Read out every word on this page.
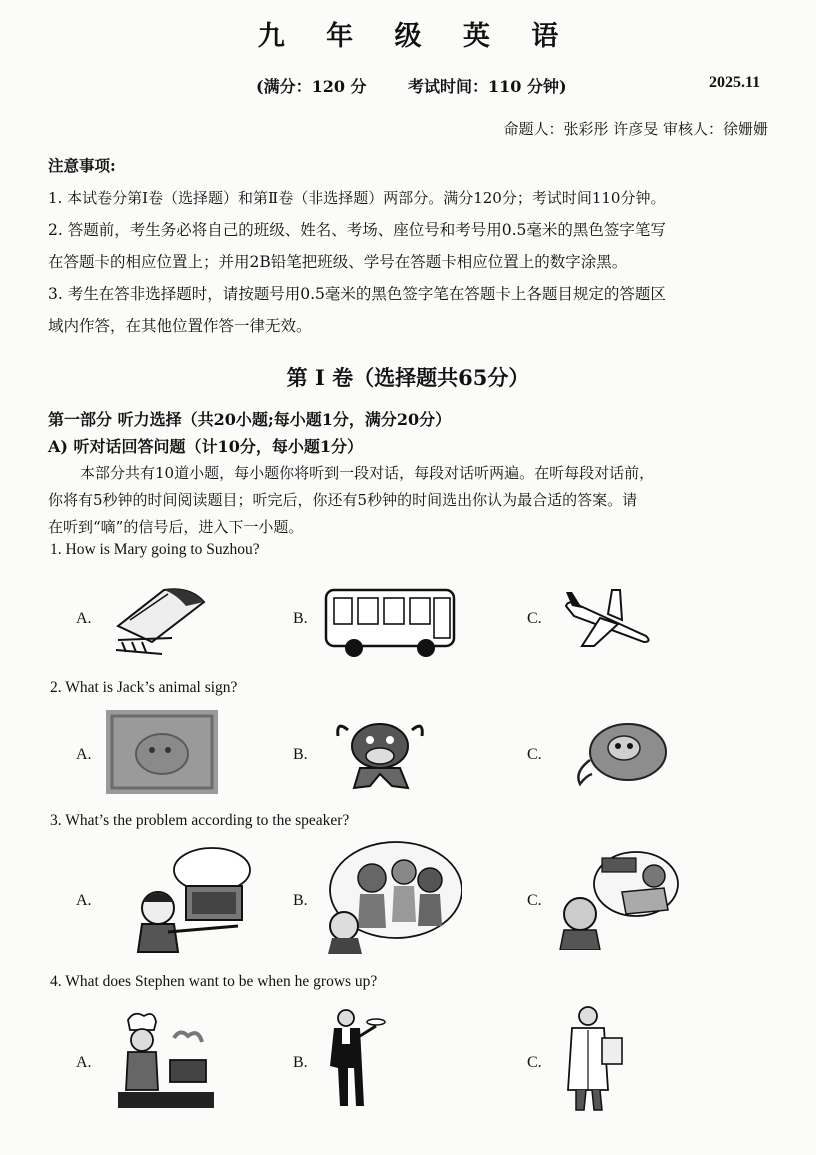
九 年 级 英 语
(满分：120 分	考试时间：110 分钟)	2025.11
命题人：张彩彤 许彦旻 审核人：徐姗姗
注意事项:
1. 本试卷分第Ⅰ卷（选择题）和第Ⅱ卷（非选择题）两部分。满分120分；考试时间110分钟。
2. 答题前，考生务必将自己的班级、姓名、考场、座位号和考号用0.5毫米的黑色签字笔写
在答题卡的相应位置上；并用2B铅笔把班级、学号在答题卡相应位置上的数字涂黑。
3. 考生在答非选择题时，请按题号用0.5毫米的黑色签字笔在答题卡上各题目规定的答题区
域内作答，在其他位置作答一律无效。
第 I 卷（选择题共65分）
第一部分 听力选择（共20小题;每小题1分，满分20分）
A) 听对话回答问题（计10分，每小题1分）
本部分共有10道小题，每小题你将听到一段对话，每段对话听两遍。在听每段对话前，
你将有5秒钟的时间阅读题目；听完后，你还有5秒钟的时间选出你认为最合适的答案。请
在听到“嘀”的信号后，进入下一小题。
1. How is Mary going to Suzhou?
A.	B.	C.
2. What is Jack’s animal sign?
A.	B.	C.
3. What’s the problem according to the speaker?
A.	B.	C.
4. What does Stephen want to be when he grows up?
A.	B.	C.
